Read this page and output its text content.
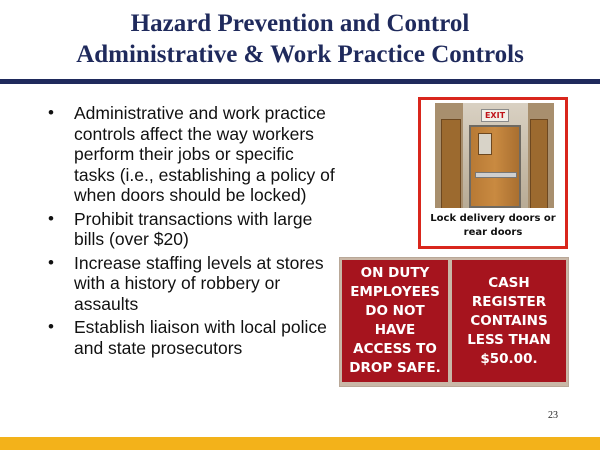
Hazard Prevention and Control
Administrative & Work Practice Controls
• Administrative and work practice controls affect the way workers perform their jobs or specific tasks (i.e., establishing a policy of when doors should be locked)
• Prohibit transactions with large bills (over $20)
• Increase staffing levels at stores with a history of robbery or assaults
• Establish liaison with local police and state prosecutors
EXIT
Lock delivery doors or rear doors
ON DUTY
EMPLOYEES
DO NOT
HAVE
ACCESS TO
DROP SAFE.
CASH
REGISTER
CONTAINS
LESS THAN
$50.00.
23
